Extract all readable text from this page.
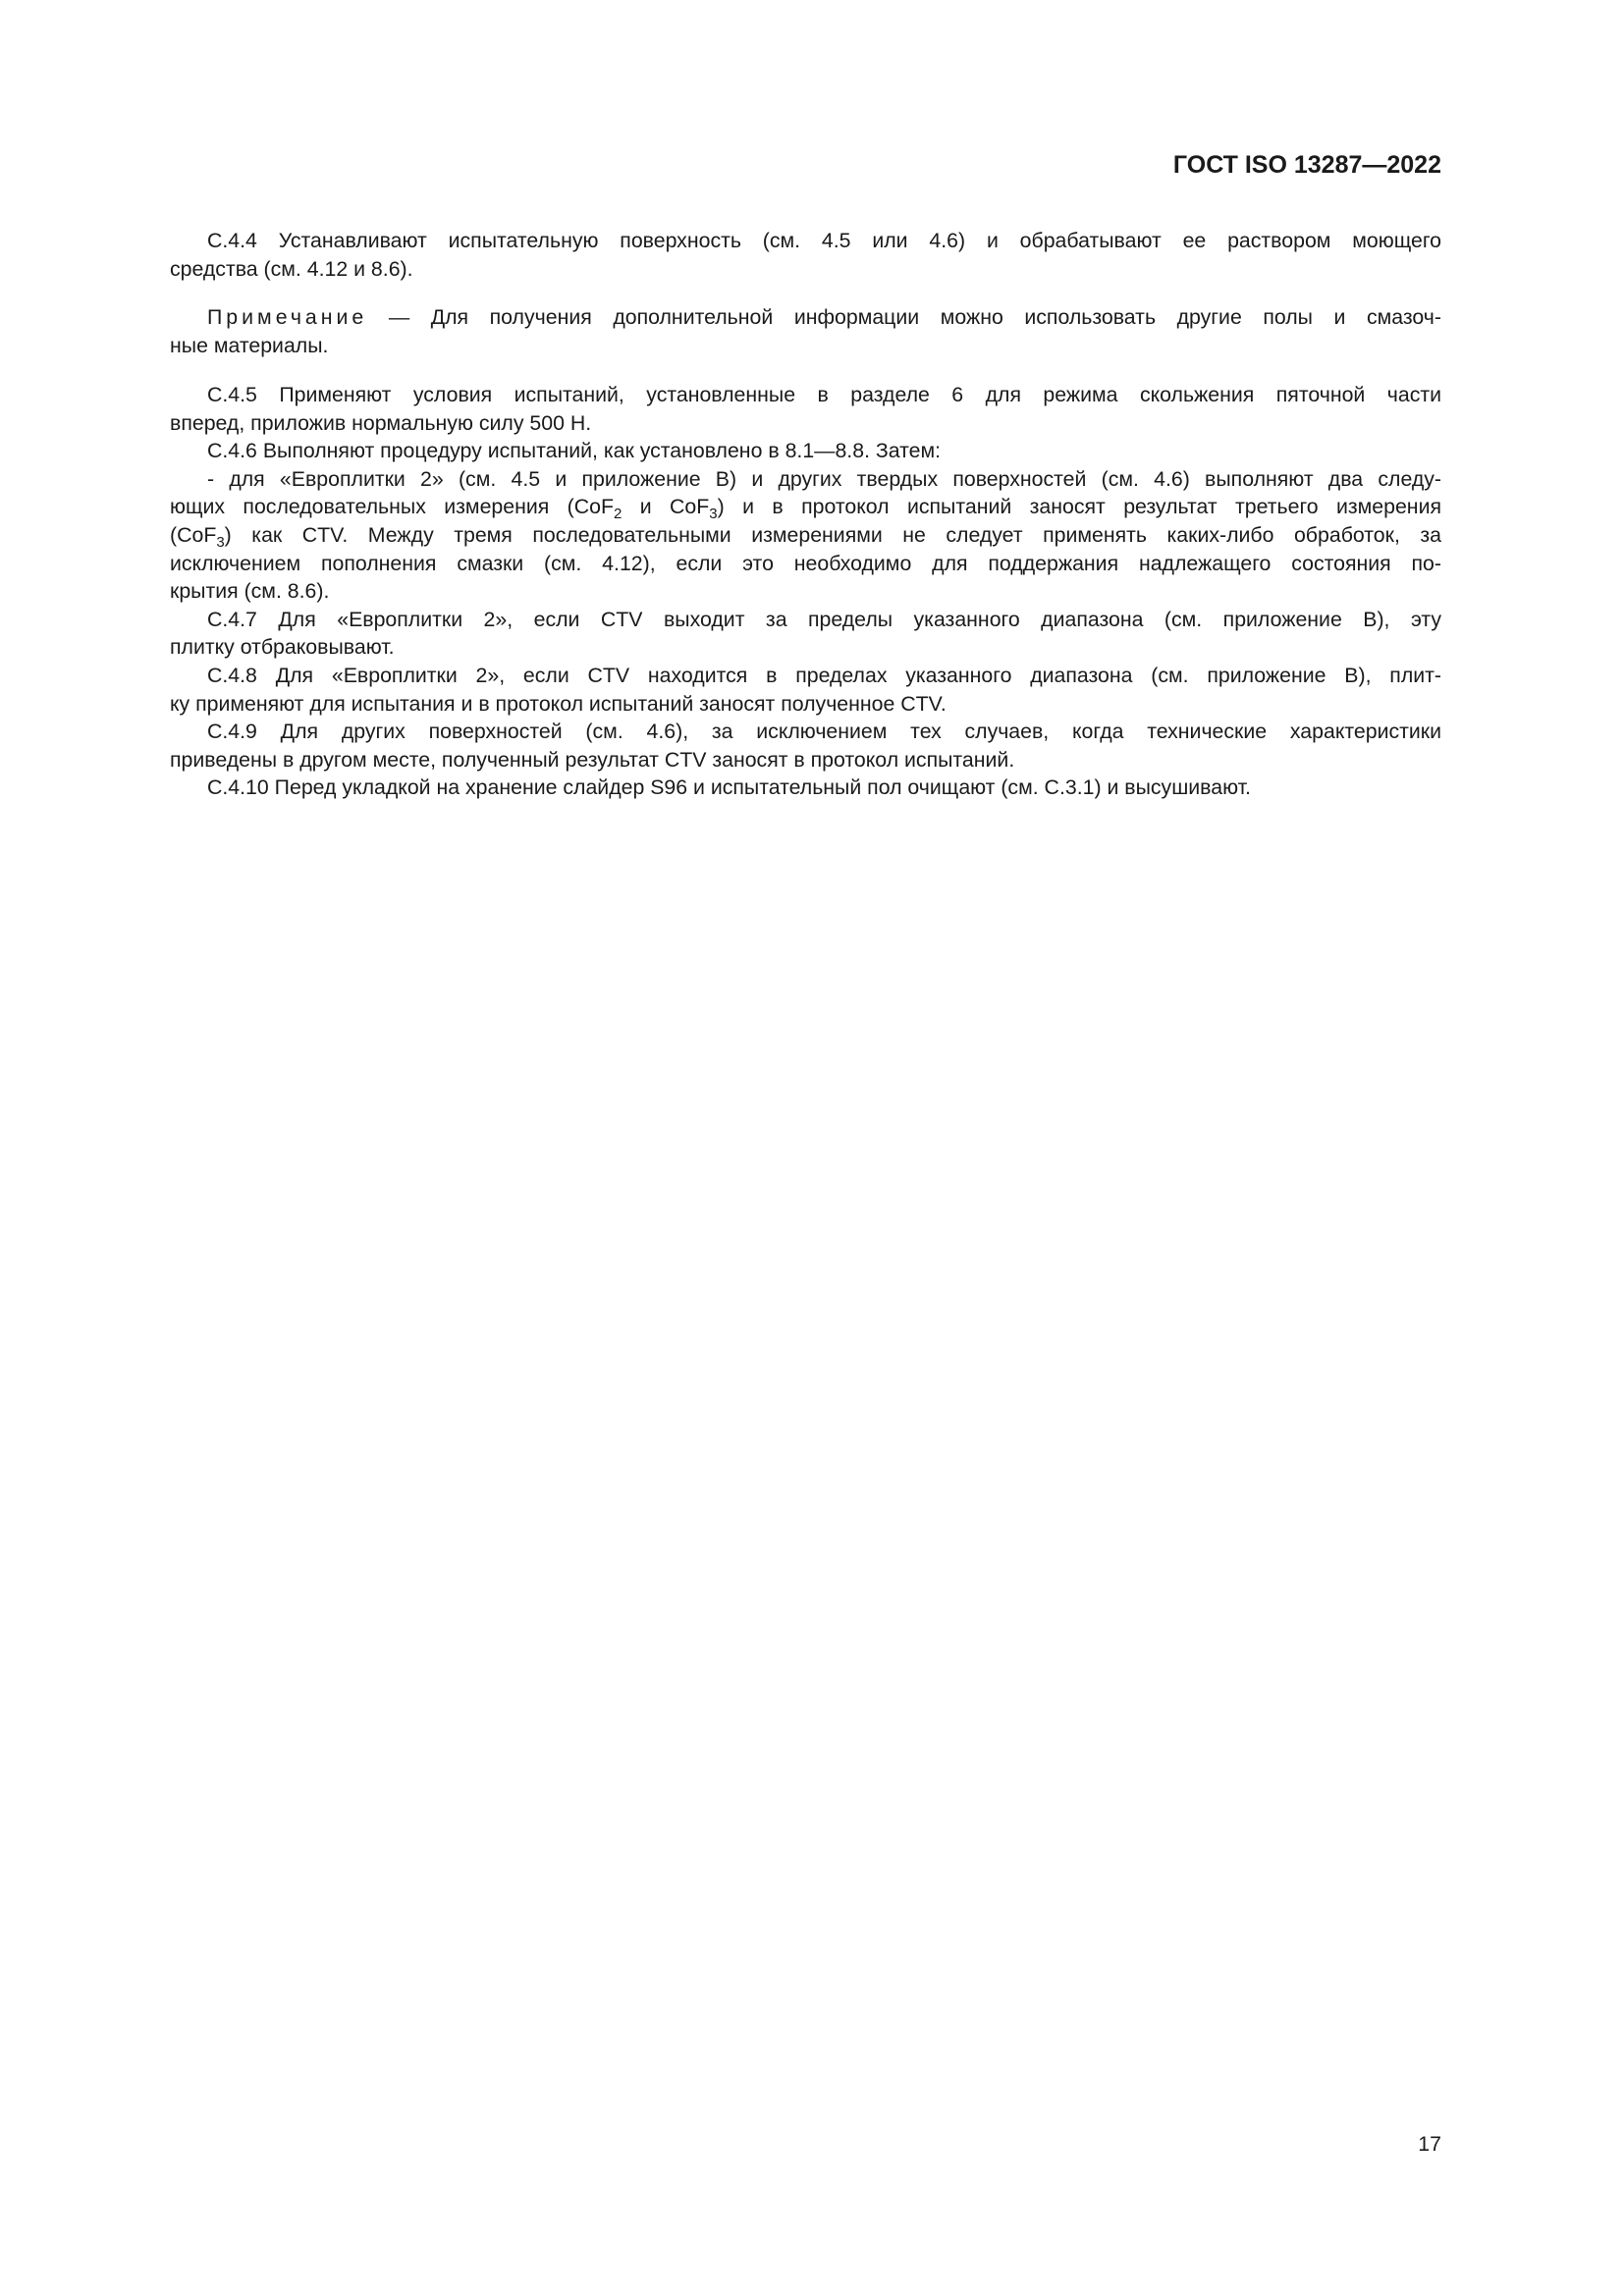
ГОСТ ISO 13287—2022
С.4.4 Устанавливают испытательную поверхность (см. 4.5 или 4.6) и обрабатывают ее раствором моющего
средства (см. 4.12 и 8.6).
Примечание — Для получения дополнительной информации можно использовать другие полы и смазоч-
ные материалы.
С.4.5 Применяют условия испытаний, установленные в разделе 6 для режима скольжения пяточной части
вперед, приложив нормальную силу 500 Н.
С.4.6 Выполняют процедуру испытаний, как установлено в 8.1—8.8. Затем:
- для «Европлитки 2» (см. 4.5 и приложение В) и других твердых поверхностей (см. 4.6) выполняют два следу-
ющих последовательных измерения (CoF$_2$ и CoF$_3$) и в протокол испытаний заносят результат третьего измерения
(CoF$_3$) как CTV. Между тремя последовательными измерениями не следует применять каких-либо обработок, за
исключением пополнения смазки (см. 4.12), если это необходимо для поддержания надлежащего состояния по-
крытия (см. 8.6).
С.4.7 Для «Европлитки 2», если CTV выходит за пределы указанного диапазона (см. приложение В), эту
плитку отбраковывают.
С.4.8 Для «Европлитки 2», если CTV находится в пределах указанного диапазона (см. приложение В), плит-
ку применяют для испытания и в протокол испытаний заносят полученное CTV.
С.4.9 Для других поверхностей (см. 4.6), за исключением тех случаев, когда технические характеристики
приведены в другом месте, полученный результат CTV заносят в протокол испытаний.
С.4.10 Перед укладкой на хранение слайдер S96 и испытательный пол очищают (см. С.3.1) и высушивают.
17
